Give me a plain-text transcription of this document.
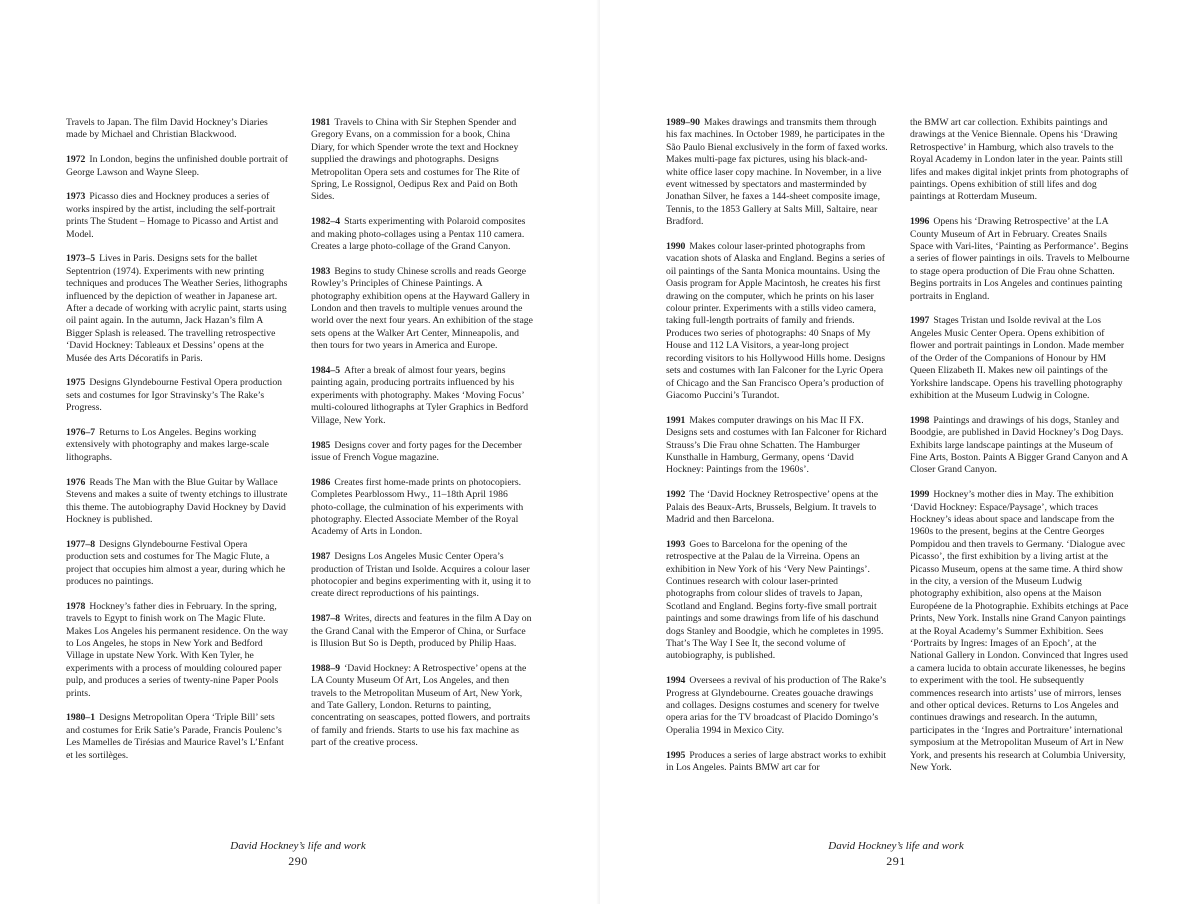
Travels to Japan. The film David Hockney’s Diaries made by Michael and Christian Blackwood.

1972 In London, begins the unfinished double portrait of George Lawson and Wayne Sleep.

1973 Picasso dies and Hockney produces a series of works inspired by the artist, including the self-portrait prints The Student – Homage to Picasso and Artist and Model.

1973–5 Lives in Paris. Designs sets for the ballet Septentrion (1974). Experiments with new printing techniques and produces The Weather Series, lithographs influenced by the depiction of weather in Japanese art. After a decade of working with acrylic paint, starts using oil paint again. In the autumn, Jack Hazan’s film A Bigger Splash is released. The travelling retrospective ‘David Hockney: Tableaux et Dessins’ opens at the Musée des Arts Décoratifs in Paris.

1975 Designs Glyndebourne Festival Opera production sets and costumes for Igor Stravinsky’s The Rake’s Progress.

1976–7 Returns to Los Angeles. Begins working extensively with photography and makes large-scale lithographs.

1976 Reads The Man with the Blue Guitar by Wallace Stevens and makes a suite of twenty etchings to illustrate this theme. The autobiography David Hockney by David Hockney is published.

1977–8 Designs Glyndebourne Festival Opera production sets and costumes for The Magic Flute, a project that occupies him almost a year, during which he produces no paintings.

1978 Hockney’s father dies in February. In the spring, travels to Egypt to finish work on The Magic Flute. Makes Los Angeles his permanent residence. On the way to Los Angeles, he stops in New York and Bedford Village in upstate New York. With Ken Tyler, he experiments with a process of moulding coloured paper pulp, and produces a series of twenty-nine Paper Pools prints.

1980–1 Designs Metropolitan Opera ‘Triple Bill’ sets and costumes for Erik Satie’s Parade, Francis Poulenc’s Les Mamelles de Tirésias and Maurice Ravel’s L’Enfant et les sortilèges.

1981 Travels to China with Sir Stephen Spender and Gregory Evans, on a commission for a book, China Diary, for which Spender wrote the text and Hockney supplied the drawings and photographs. Designs Metropolitan Opera sets and costumes for The Rite of Spring, Le Rossignol, Oedipus Rex and Paid on Both Sides.

1982–4 Starts experimenting with Polaroid composites and making photo-collages using a Pentax 110 camera. Creates a large photo-collage of the Grand Canyon.

1983 Begins to study Chinese scrolls and reads George Rowley’s Principles of Chinese Paintings. A photography exhibition opens at the Hayward Gallery in London and then travels to multiple venues around the world over the next four years. An exhibition of the stage sets opens at the Walker Art Center, Minneapolis, and then tours for two years in America and Europe.

1984–5 After a break of almost four years, begins painting again, producing portraits influenced by his experiments with photography. Makes ‘Moving Focus’ multi-coloured lithographs at Tyler Graphics in Bedford Village, New York.

1985 Designs cover and forty pages for the December issue of French Vogue magazine.

1986 Creates first home-made prints on photocopiers. Completes Pearblossom Hwy., 11–18th April 1986 photo-collage, the culmination of his experiments with photography. Elected Associate Member of the Royal Academy of Arts in London.

1987 Designs Los Angeles Music Center Opera’s production of Tristan und Isolde. Acquires a colour laser photocopier and begins experimenting with it, using it to create direct reproductions of his paintings.

1987–8 Writes, directs and features in the film A Day on the Grand Canal with the Emperor of China, or Surface is Illusion But So is Depth, produced by Philip Haas.

1988–9 ‘David Hockney: A Retrospective’ opens at the LA County Museum Of Art, Los Angeles, and then travels to the Metropolitan Museum of Art, New York, and Tate Gallery, London. Returns to painting, concentrating on seascapes, potted flowers, and portraits of family and friends. Starts to use his fax machine as part of the creative process.

David Hockney’s life and work
290

1989–90 Makes drawings and transmits them through his fax machines. In October 1989, he participates in the São Paulo Bienal exclusively in the form of faxed works. Makes multi-page fax pictures, using his black-and-white office laser copy machine. In November, in a live event witnessed by spectators and masterminded by Jonathan Silver, he faxes a 144-sheet composite image, Tennis, to the 1853 Gallery at Salts Mill, Saltaire, near Bradford.

1990 Makes colour laser-printed photographs from vacation shots of Alaska and England. Begins a series of oil paintings of the Santa Monica mountains. Using the Oasis program for Apple Macintosh, he creates his first drawing on the computer, which he prints on his laser colour printer. Experiments with a stills video camera, taking full-length portraits of family and friends. Produces two series of photographs: 40 Snaps of My House and 112 LA Visitors, a year-long project recording visitors to his Hollywood Hills home. Designs sets and costumes with Ian Falconer for the Lyric Opera of Chicago and the San Francisco Opera’s production of Giacomo Puccini’s Turandot.

1991 Makes computer drawings on his Mac II FX. Designs sets and costumes with Ian Falconer for Richard Strauss’s Die Frau ohne Schatten. The Hamburger Kunsthalle in Hamburg, Germany, opens ‘David Hockney: Paintings from the 1960s’.

1992 The ‘David Hockney Retrospective’ opens at the Palais des Beaux-Arts, Brussels, Belgium. It travels to Madrid and then Barcelona.

1993 Goes to Barcelona for the opening of the retrospective at the Palau de la Virreina. Opens an exhibition in New York of his ‘Very New Paintings’. Continues research with colour laser-printed photographs from colour slides of travels to Japan, Scotland and England. Begins forty-five small portrait paintings and some drawings from life of his daschund dogs Stanley and Boodgie, which he completes in 1995. That’s The Way I See It, the second volume of autobiography, is published.

1994 Oversees a revival of his production of The Rake’s Progress at Glyndebourne. Creates gouache drawings and collages. Designs costumes and scenery for twelve opera arias for the TV broadcast of Placido Domingo’s Operalia 1994 in Mexico City.

1995 Produces a series of large abstract works to exhibit in Los Angeles. Paints BMW art car for

the BMW art car collection. Exhibits paintings and drawings at the Venice Biennale. Opens his ‘Drawing Retrospective’ in Hamburg, which also travels to the Royal Academy in London later in the year. Paints still lifes and makes digital inkjet prints from photographs of paintings. Opens exhibition of still lifes and dog paintings at Rotterdam Museum.

1996 Opens his ‘Drawing Retrospective’ at the LA County Museum of Art in February. Creates Snails Space with Vari-lites, ‘Painting as Performance’. Begins a series of flower paintings in oils. Travels to Melbourne to stage opera production of Die Frau ohne Schatten. Begins portraits in Los Angeles and continues painting portraits in England.

1997 Stages Tristan und Isolde revival at the Los Angeles Music Center Opera. Opens exhibition of flower and portrait paintings in London. Made member of the Order of the Companions of Honour by HM Queen Elizabeth II. Makes new oil paintings of the Yorkshire landscape. Opens his travelling photography exhibition at the Museum Ludwig in Cologne.

1998 Paintings and drawings of his dogs, Stanley and Boodgie, are published in David Hockney’s Dog Days. Exhibits large landscape paintings at the Museum of Fine Arts, Boston. Paints A Bigger Grand Canyon and A Closer Grand Canyon.

1999 Hockney’s mother dies in May. The exhibition ‘David Hockney: Espace/Paysage’, which traces Hockney’s ideas about space and landscape from the 1960s to the present, begins at the Centre Georges Pompidou and then travels to Germany. ‘Dialogue avec Picasso’, the first exhibition by a living artist at the Picasso Museum, opens at the same time. A third show in the city, a version of the Museum Ludwig photography exhibition, also opens at the Maison Européene de la Photographie. Exhibits etchings at Pace Prints, New York. Installs nine Grand Canyon paintings at the Royal Academy’s Summer Exhibition. Sees ‘Portraits by Ingres: Images of an Epoch’, at the National Gallery in London. Convinced that Ingres used a camera lucida to obtain accurate likenesses, he begins to experiment with the tool. He subsequently commences research into artists’ use of mirrors, lenses and other optical devices. Returns to Los Angeles and continues drawings and research. In the autumn, participates in the ‘Ingres and Portraiture’ international symposium at the Metropolitan Museum of Art in New York, and presents his research at Columbia University, New York.

David Hockney’s life and work
291
